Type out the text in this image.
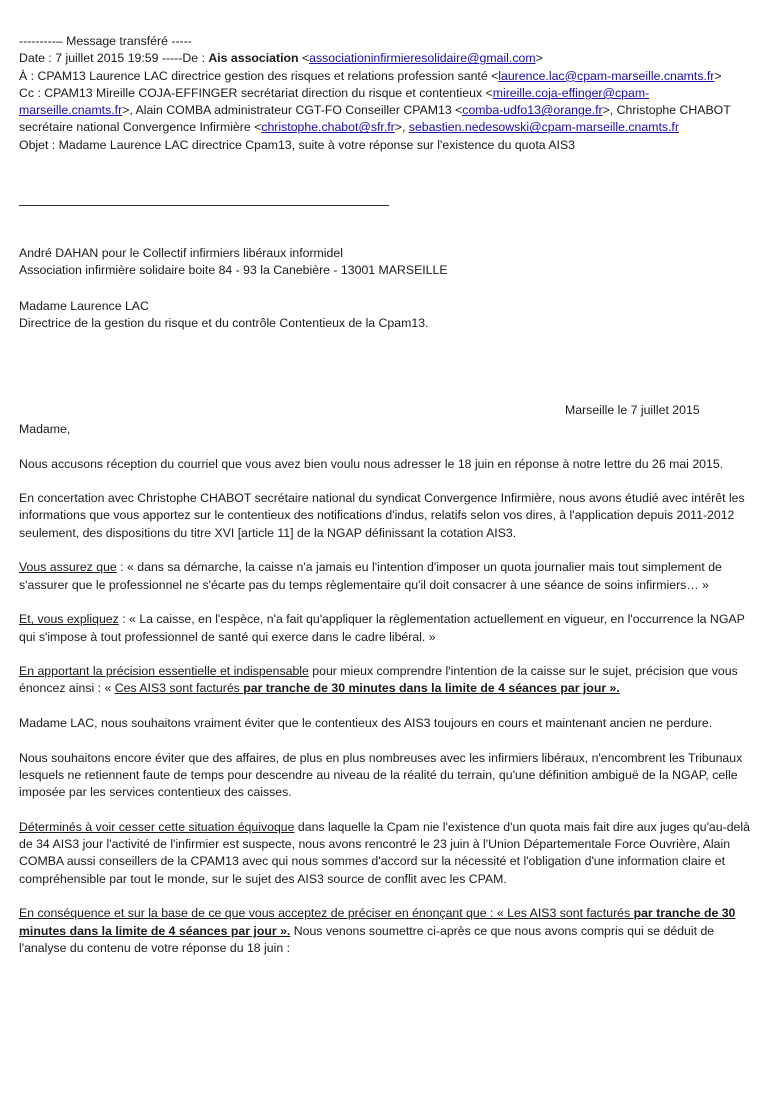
---------– Message transféré -----

Date : 7 juillet 2015 19:59 -----De : Ais association <associationinfirmieresolidaire@gmail.com>

À : CPAM13 Laurence LAC directrice gestion des risques et relations profession santé <laurence.lac@cpam-marseille.cnamts.fr>

Cc : CPAM13 Mireille COJA-EFFINGER secrétariat direction du risque et contentieux <mireille.coja-effinger@cpam-marseille.cnamts.fr>, Alain COMBA administrateur CGT-FO Conseiller CPAM13 <comba-udfo13@orange.fr>, Christophe CHABOT secrétaire national Convergence Infirmière <christophe.chabot@sfr.fr>, sebastien.nedesowski@cpam-marseille.cnamts.fr

Objet : Madame Laurence LAC directrice Cpam13, suite à votre réponse sur l'existence du quota AIS3

André DAHAN pour le Collectif infirmiers libéraux informidel

Association infirmière solidaire boite 84 - 93 la Canebière - 13001 MARSEILLE

Madame Laurence LAC

Directrice de la gestion du risque et du contrôle Contentieux de la Cpam13.

Marseille le 7 juillet 2015

Madame,

Nous accusons réception du courriel que vous avez bien voulu nous adresser le 18 juin en réponse à notre lettre du 26 mai 2015.

En concertation avec Christophe CHABOT secrétaire national du syndicat Convergence Infirmière, nous avons étudié avec intérêt les informations que vous apportez sur le contentieux des notifications d'indus, relatifs selon vos dires, à l'application depuis 2011-2012 seulement, des dispositions du titre XVI [article 11] de la NGAP définissant la cotation AIS3.

Vous assurez que : « dans sa démarche, la caisse n'a jamais eu l'intention d'imposer un quota journalier mais tout simplement de s'assurer que le professionnel ne s'écarte pas du temps règlementaire qu'il doit consacrer à une séance de soins infirmiers… »

Et, vous expliquez : « La caisse, en l'espèce, n'a fait qu'appliquer la règlementation actuellement en vigueur, en l'occurrence la NGAP qui s'impose à tout professionnel de santé qui exerce dans le cadre libéral. »

En apportant la précision essentielle et indispensable pour mieux comprendre l'intention de la caisse sur le sujet, précision que vous énoncez ainsi : « Ces AIS3 sont facturés par tranche de 30 minutes dans la limite de 4 séances par jour ».

Madame LAC, nous souhaitons vraiment éviter que le contentieux des AIS3 toujours en cours et maintenant ancien ne perdure.

Nous souhaitons encore éviter que des affaires, de plus en plus nombreuses avec les infirmiers libéraux, n'encombrent les Tribunaux lesquels ne retiennent faute de temps pour descendre au niveau de la réalité du terrain, qu'une définition ambiguë de la NGAP, celle imposée par les services contentieux des caisses.

Déterminés à voir cesser cette situation équivoque dans laquelle la Cpam nie l'existence d'un quota mais fait dire aux juges qu'au-delà de 34 AIS3 jour l'activité de l'infirmier est suspecte, nous avons rencontré le 23 juin à l'Union Départementale Force Ouvrière, Alain COMBA aussi conseillers de la CPAM13 avec qui nous sommes d'accord sur la nécessité et l'obligation d'une information claire et compréhensible par tout le monde, sur le sujet des AIS3 source de conflit avec les CPAM.

En conséquence et sur la base de ce que vous acceptez de préciser en énonçant que : « Les AIS3 sont facturés par tranche de 30 minutes dans la limite de 4 séances par jour ». Nous venons soumettre ci-après ce que nous avons compris qui se déduit de l'analyse du contenu de votre réponse du 18 juin :
